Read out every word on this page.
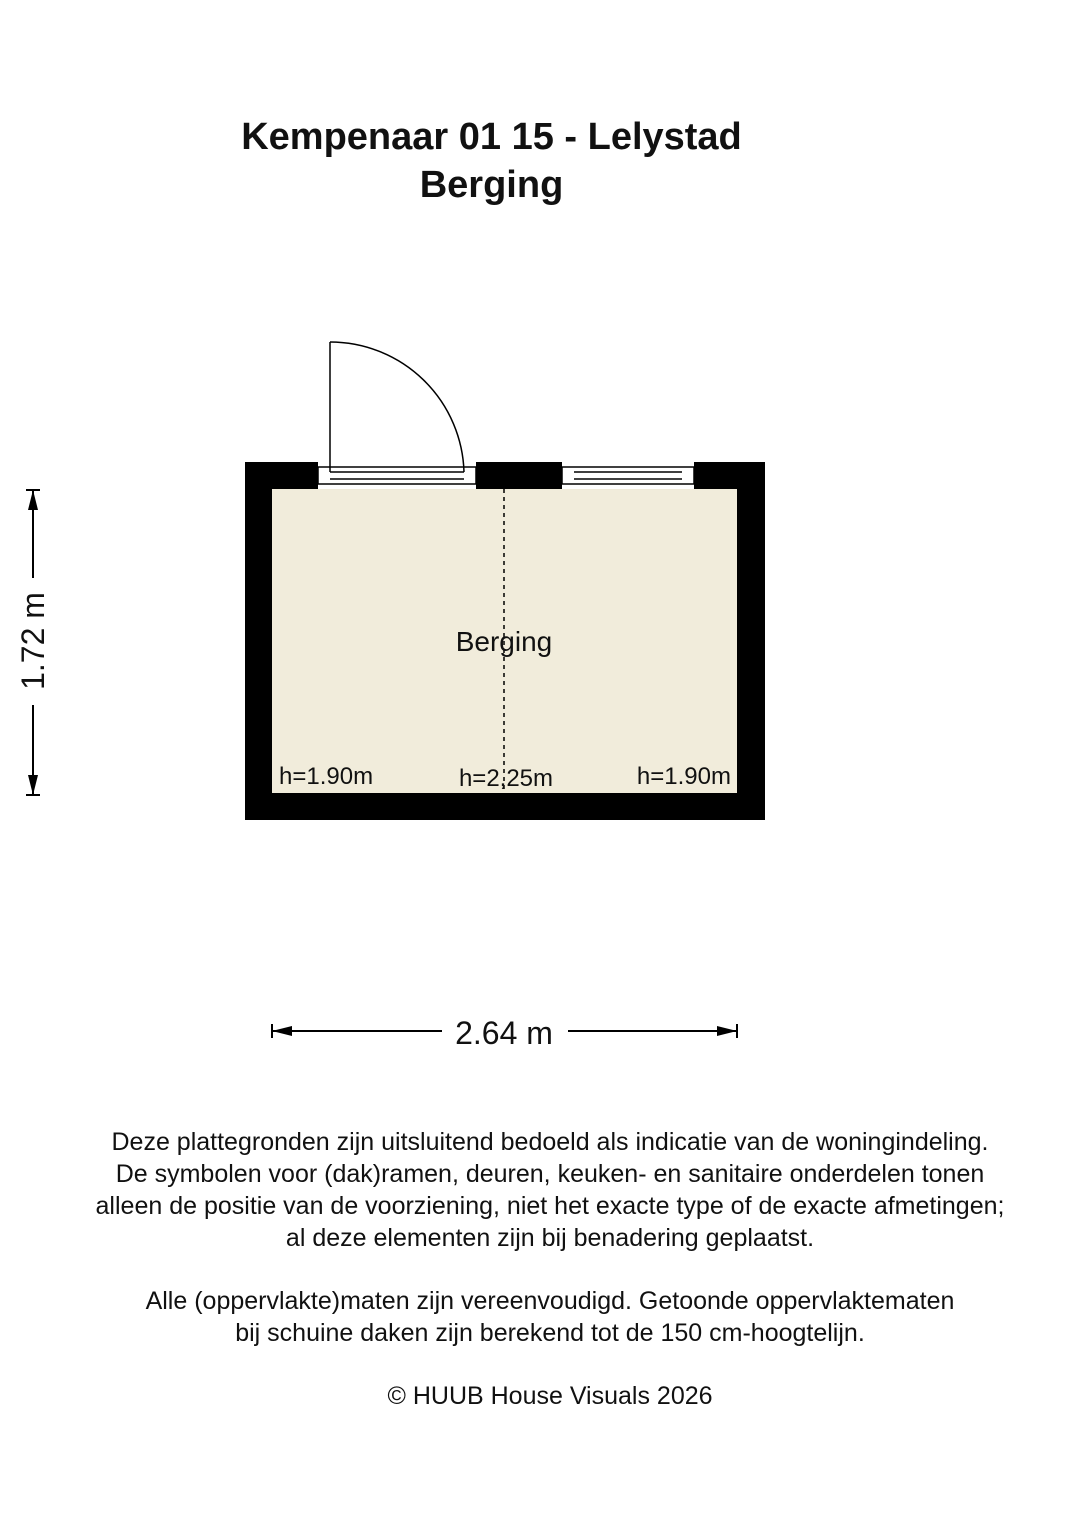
Kempenaar 01 15 - Lelystad
Berging
Berging
h=1.90m	h=2,25m	h=1.90m
1.72 m
2.64 m

Deze plattegronden zijn uitsluitend bedoeld als indicatie van de woningindeling.

De symbolen voor (dak)ramen, deuren, keuken- en sanitaire onderdelen tonen

alleen de positie van de voorziening, niet het exacte type of de exacte afmetingen;

al deze elementen zijn bij benadering geplaatst.

Alle (oppervlakte)maten zijn vereenvoudigd. Getoonde oppervlaktematen

bij schuine daken zijn berekend tot de 150 cm-hoogtelijn.

© HUUB House Visuals 2026
